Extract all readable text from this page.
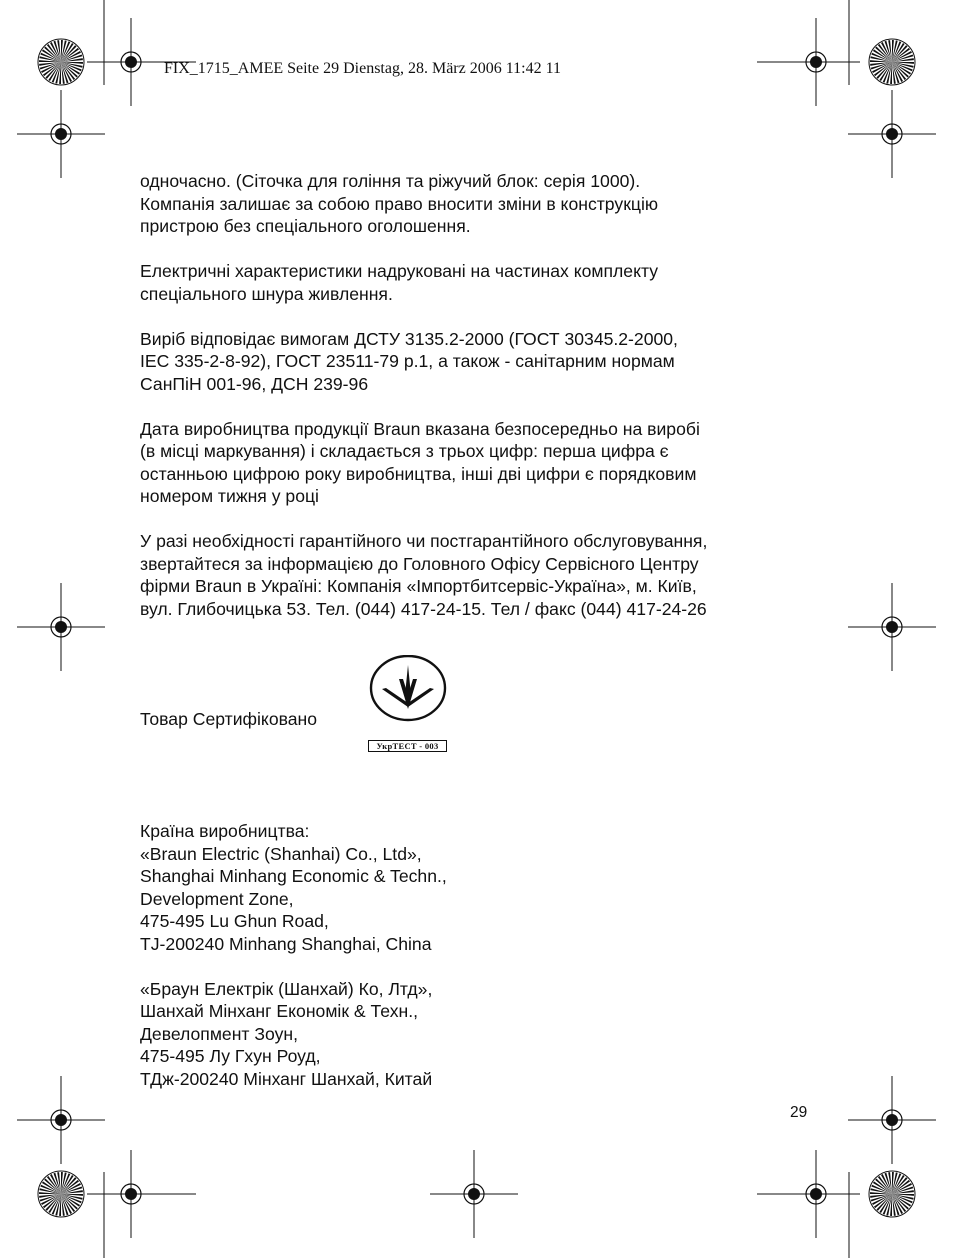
FIX_1715_AMEE Seite 29 Dienstag, 28. März 2006 11:42 11

одночасно. (Сіточка для гоління та ріжучий блок: серія 1000).
Компанія залишає за собою право вносити зміни в конструкцію
пристрою без спеціального оголошення.

Електричні характеристики надруковані на частинах комплекту
спеціального шнура живлення.

Виріб відповідає вимогам ДСТУ 3135.2-2000 (ГОСТ 30345.2-2000,
IEC 335-2-8-92), ГОСТ 23511-79 р.1, а також - санітарним нормам
СанПіН 001-96, ДСН 239-96

Дата виробництва продукції Braun вказана безпосередньо на виробі
(в місці маркування) і складається з трьох цифр: перша цифра є
останньою цифрою року виробництва, інші дві цифри є порядковим
номером тижня у році

У разі необхідності гарантійного чи постгарантійного обслуговування,
звертайтеся за інформацією до Головного Офісу Сервісного Центру
фірми Braun в Україні: Компанія «Імпортбитсервіс-Україна», м. Київ,
вул. Глибочицька 53. Тел. (044) 417-24-15. Тел / факс (044) 417-24-26

Товар Сертифіковано
УкрТЕСТ - 003

Країна виробництва:
«Braun Electric (Shanhai) Co., Ltd»,
Shanghai Minhang Economic & Techn.,
Development Zone,
475-495 Lu Ghun Road,
TJ-200240 Minhang Shanghai, China

«Браун Електрік (Шанхай) Ко, Лтд»,
Шанхай Мінханг Економік & Техн.,
Девелопмент Зоун,
475-495 Лу Гхун Роуд,
ТДж-200240 Мінханг Шанхай, Китай

29
